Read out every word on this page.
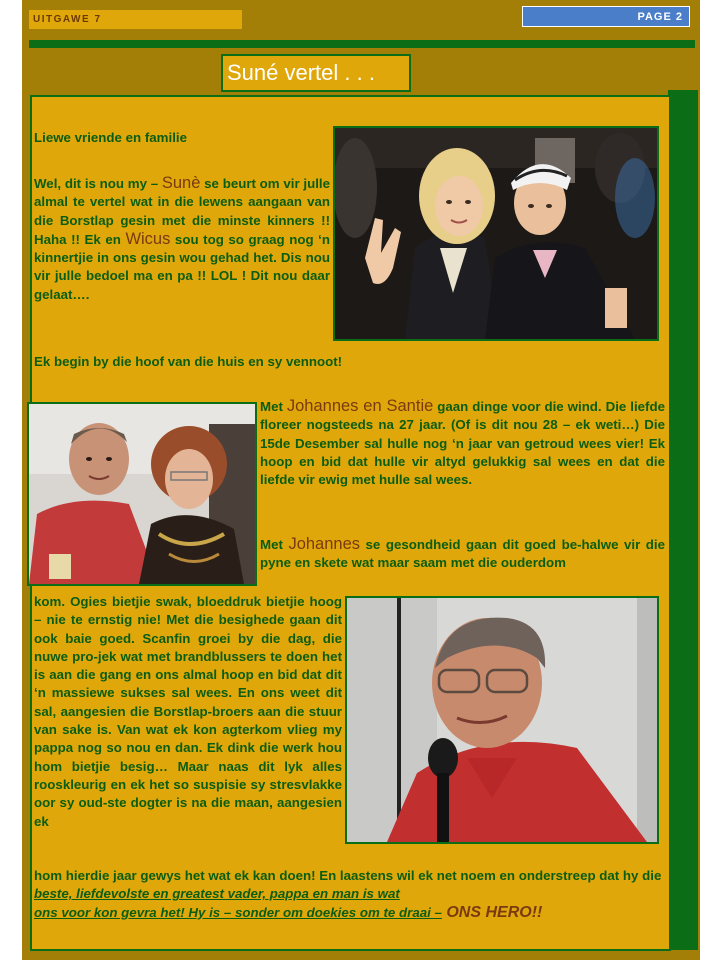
UITGAWE 7	PAGE 2
Suné vertel . . .
Liewe vriende en familie
Wel, dit is nou my – Sunè se beurt om vir julle almal te vertel wat in die lewens aangaan van die Borstlap gesin met die minste kinners !! Haha !! Ek en Wicus sou tog so graag nog ‘n kinnertjie in ons gesin wou gehad het. Dis nou vir julle bedoel ma en pa !! LOL ! Dit nou daar gelaat….
Ek begin by die hoof van die huis en sy vennoot!
Met Johannes en Santie gaan dinge voor die wind. Die liefde floreer nogsteeds na 27 jaar. (Of is dit nou 28 – ek weti…) Die 15de Desember sal hulle nog ‘n jaar van getroud wees vier! Ek hoop en bid dat hulle vir altyd gelukkig sal wees en dat die liefde vir ewig met hulle sal wees.
Met Johannes se gesondheid gaan dit goed be-halwe vir die pyne en skete wat maar saam met die ouderdom
kom. Ogies bietjie swak, bloeddruk bietjie hoog – nie te ernstig nie! Met die besighede gaan dit ook baie goed. Scanfin groei by die dag, die nuwe pro-jek wat met brandblussers te doen het is aan die gang en ons almal hoop en bid dat dit ‘n massiewe sukses sal wees. En ons weet dit sal, aangesien die Borstlap-broers aan die stuur van sake is. Van wat ek kon agterkom vlieg my pappa nog so nou en dan. Ek dink die werk hou hom bietjie besig… Maar naas dit lyk alles rooskleurig en ek het so suspisie sy stresvlakke oor sy oud-ste dogter is na die maan, aangesien ek
hom hierdie jaar gewys het wat ek kan doen! En laastens wil ek net noem en onderstreep dat hy die beste, liefdevolste en greatest vader, pappa en man is wat
ons voor kon gevra het! Hy is – sonder om doekies om te draai – ONS HERO!!
